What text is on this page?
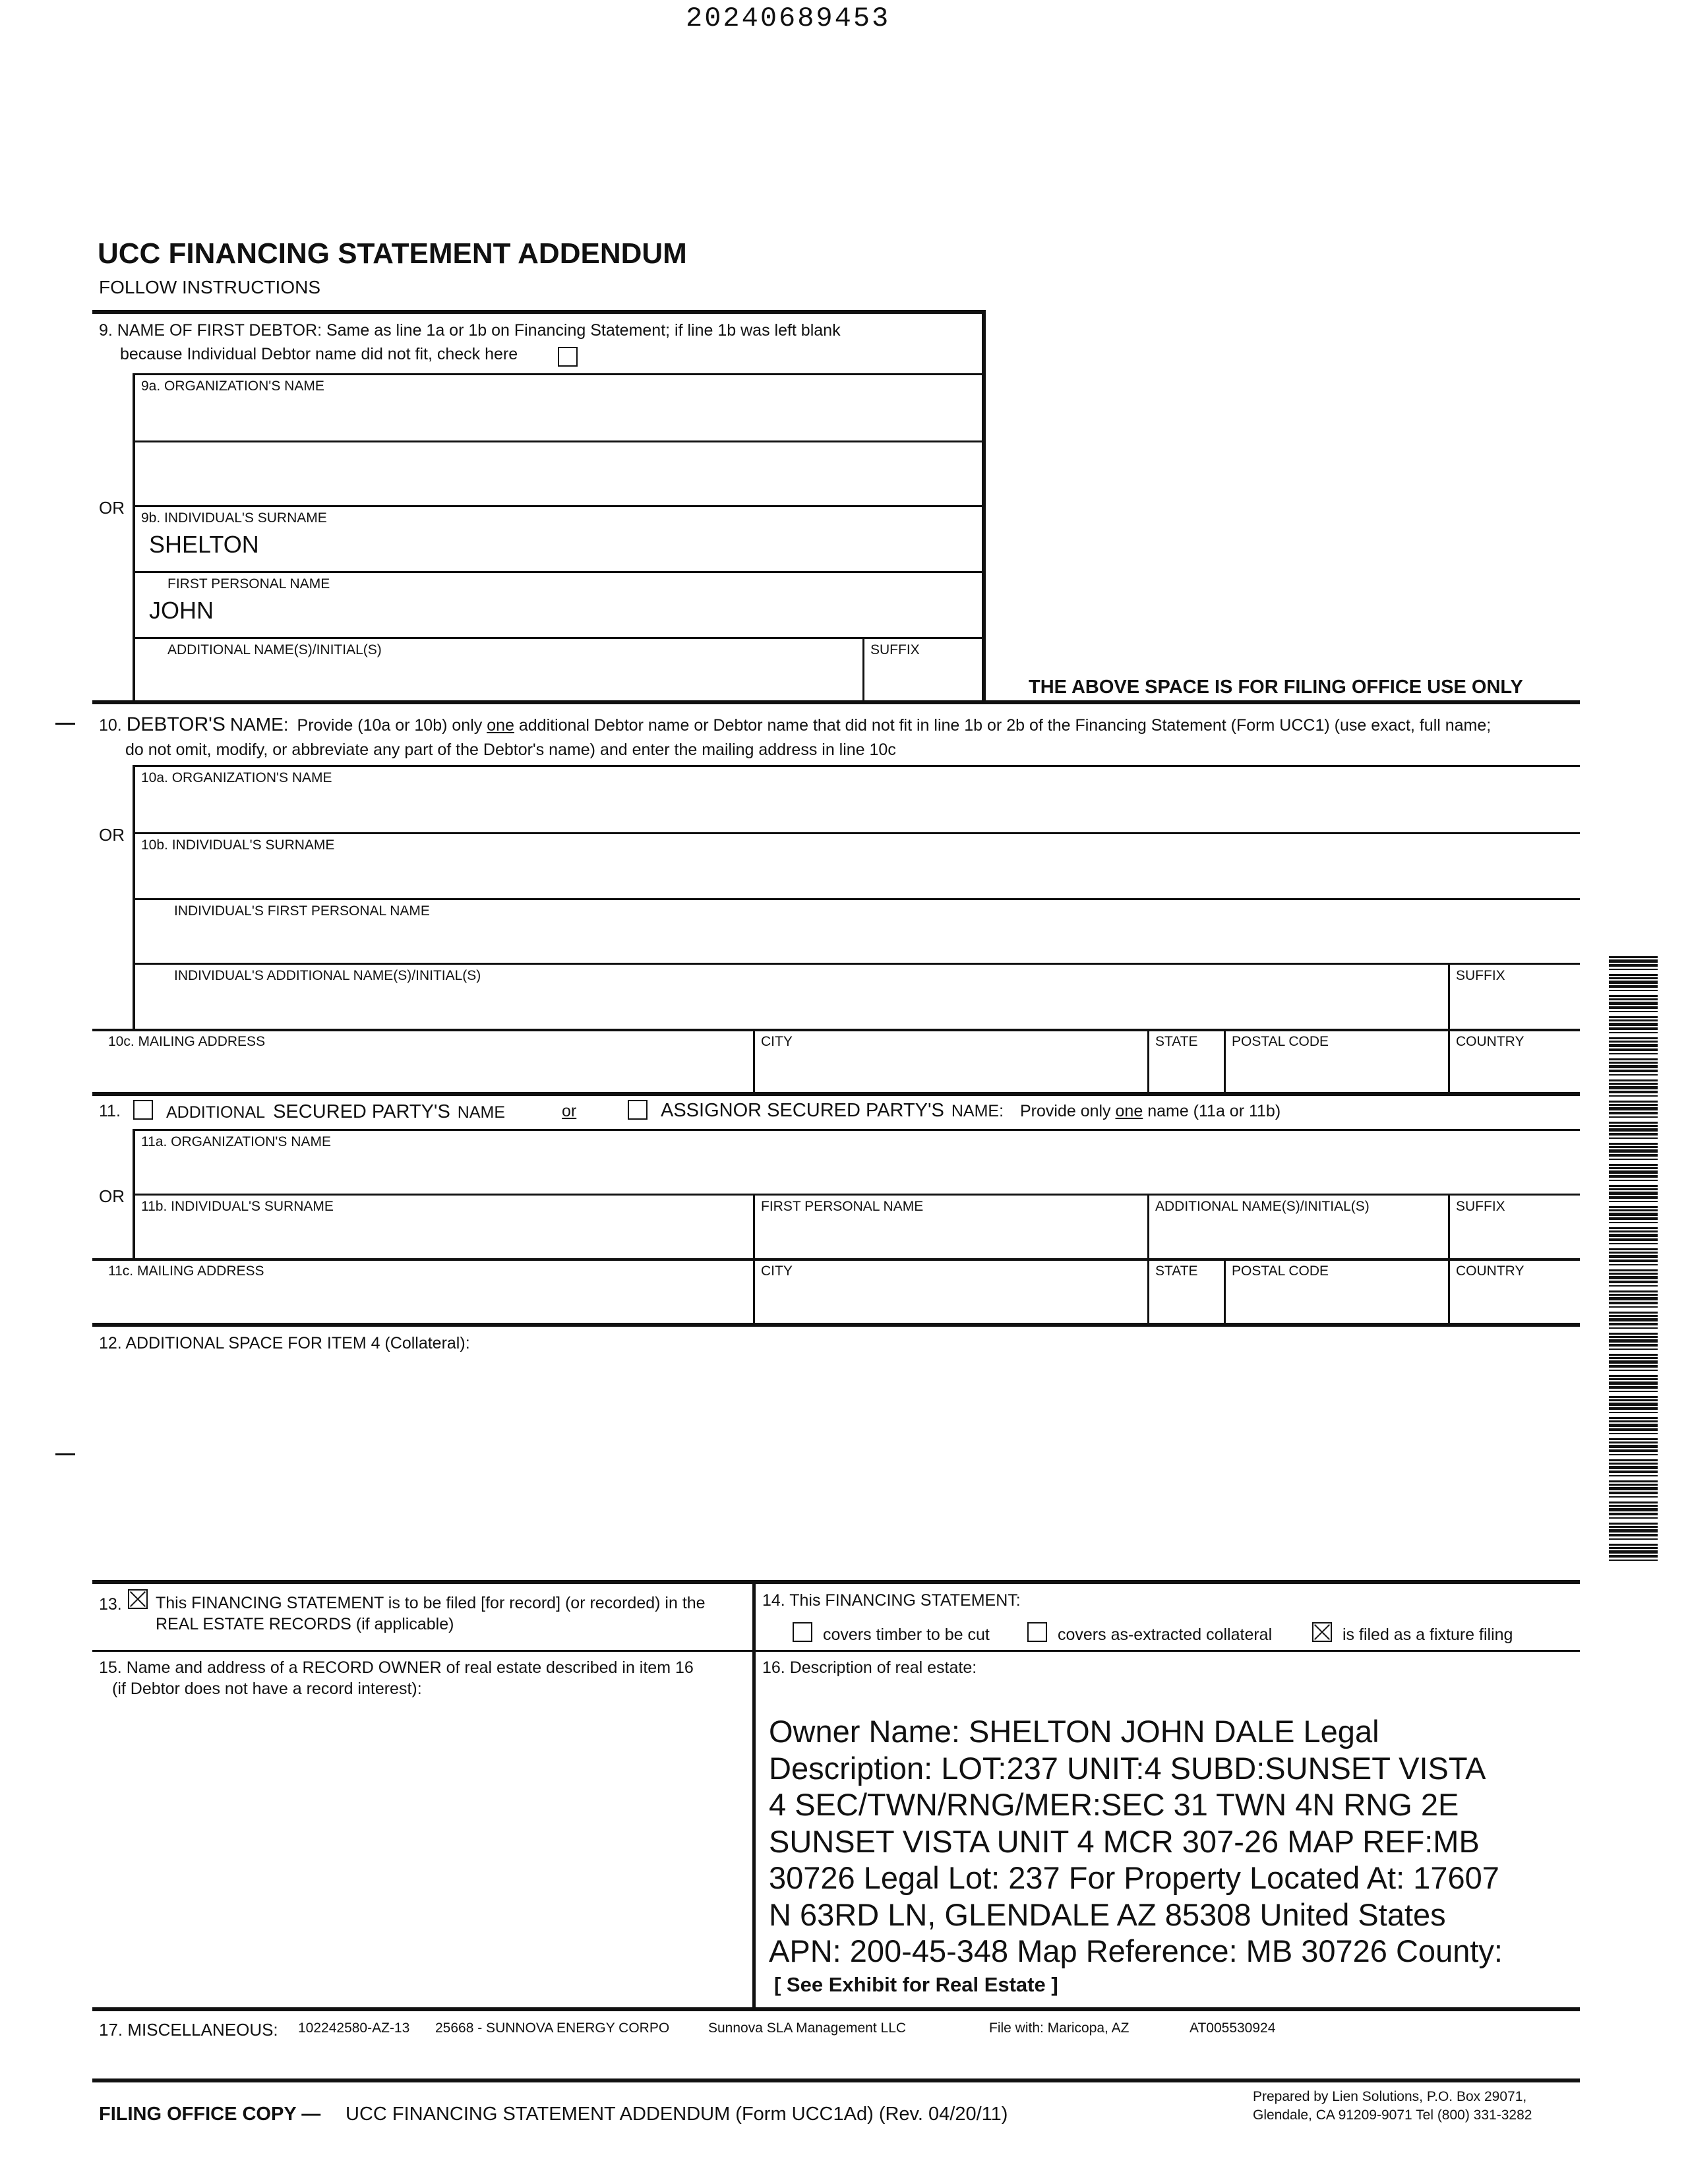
20240689453
UCC FINANCING STATEMENT ADDENDUM
FOLLOW INSTRUCTIONS
9. NAME OF FIRST DEBTOR: Same as line 1a or 1b on Financing Statement; if line 1b was left blank
because Individual Debtor name did not fit, check here
9a. ORGANIZATION'S NAME
OR
9b. INDIVIDUAL'S SURNAME
SHELTON
FIRST PERSONAL NAME
JOHN
ADDITIONAL NAME(S)/INITIAL(S)	SUFFIX
THE ABOVE SPACE IS FOR FILING OFFICE USE ONLY
10. DEBTOR'S NAME: Provide (10a or 10b) only one additional Debtor name or Debtor name that did not fit in line 1b or 2b of the Financing Statement (Form UCC1) (use exact, full name;
do not omit, modify, or abbreviate any part of the Debtor's name) and enter the mailing address in line 10c
10a. ORGANIZATION'S NAME
OR
10b. INDIVIDUAL'S SURNAME
INDIVIDUAL'S FIRST PERSONAL NAME
INDIVIDUAL'S ADDITIONAL NAME(S)/INITIAL(S)	SUFFIX
10c. MAILING ADDRESS	CITY	STATE POSTAL CODE	COUNTRY
11.	ADDITIONAL SECURED PARTY'S NAME	or	ASSIGNOR SECURED PARTY'S NAME: Provide only one name (11a or 11b)
11a. ORGANIZATION'S NAME
OR
11b. INDIVIDUAL'S SURNAME	FIRST PERSONAL NAME	ADDITIONAL NAME(S)/INITIAL(S)	SUFFIX
11c. MAILING ADDRESS	CITY	STATE POSTAL CODE	COUNTRY
12. ADDITIONAL SPACE FOR ITEM 4 (Collateral):
13. This FINANCING STATEMENT is to be filed [for record] (or recorded) in the
REAL ESTATE RECORDS (if applicable)
14. This FINANCING STATEMENT:
covers timber to be cut	covers as-extracted collateral	is filed as a fixture filing
15. Name and address of a RECORD OWNER of real estate described in item 16
(if Debtor does not have a record interest):
16. Description of real estate:
Owner Name: SHELTON JOHN DALE Legal
Description: LOT:237 UNIT:4 SUBD:SUNSET VISTA
4 SEC/TWN/RNG/MER:SEC 31 TWN 4N RNG 2E
SUNSET VISTA UNIT 4 MCR 307-26 MAP REF:MB
30726 Legal Lot: 237 For Property Located At: 17607
N 63RD LN, GLENDALE AZ 85308 United States
APN: 200-45-348 Map Reference: MB 30726 County:
[ See Exhibit for Real Estate ]
17. MISCELLANEOUS: 102242580-AZ-13 25668 - SUNNOVA ENERGY CORPO	Sunnova SLA Management LLC	File with: Maricopa, AZ	AT005530924
FILING OFFICE COPY — UCC FINANCING STATEMENT ADDENDUM (Form UCC1Ad) (Rev. 04/20/11)
Prepared by Lien Solutions, P.O. Box 29071,
Glendale, CA 91209-9071 Tel (800) 331-3282
